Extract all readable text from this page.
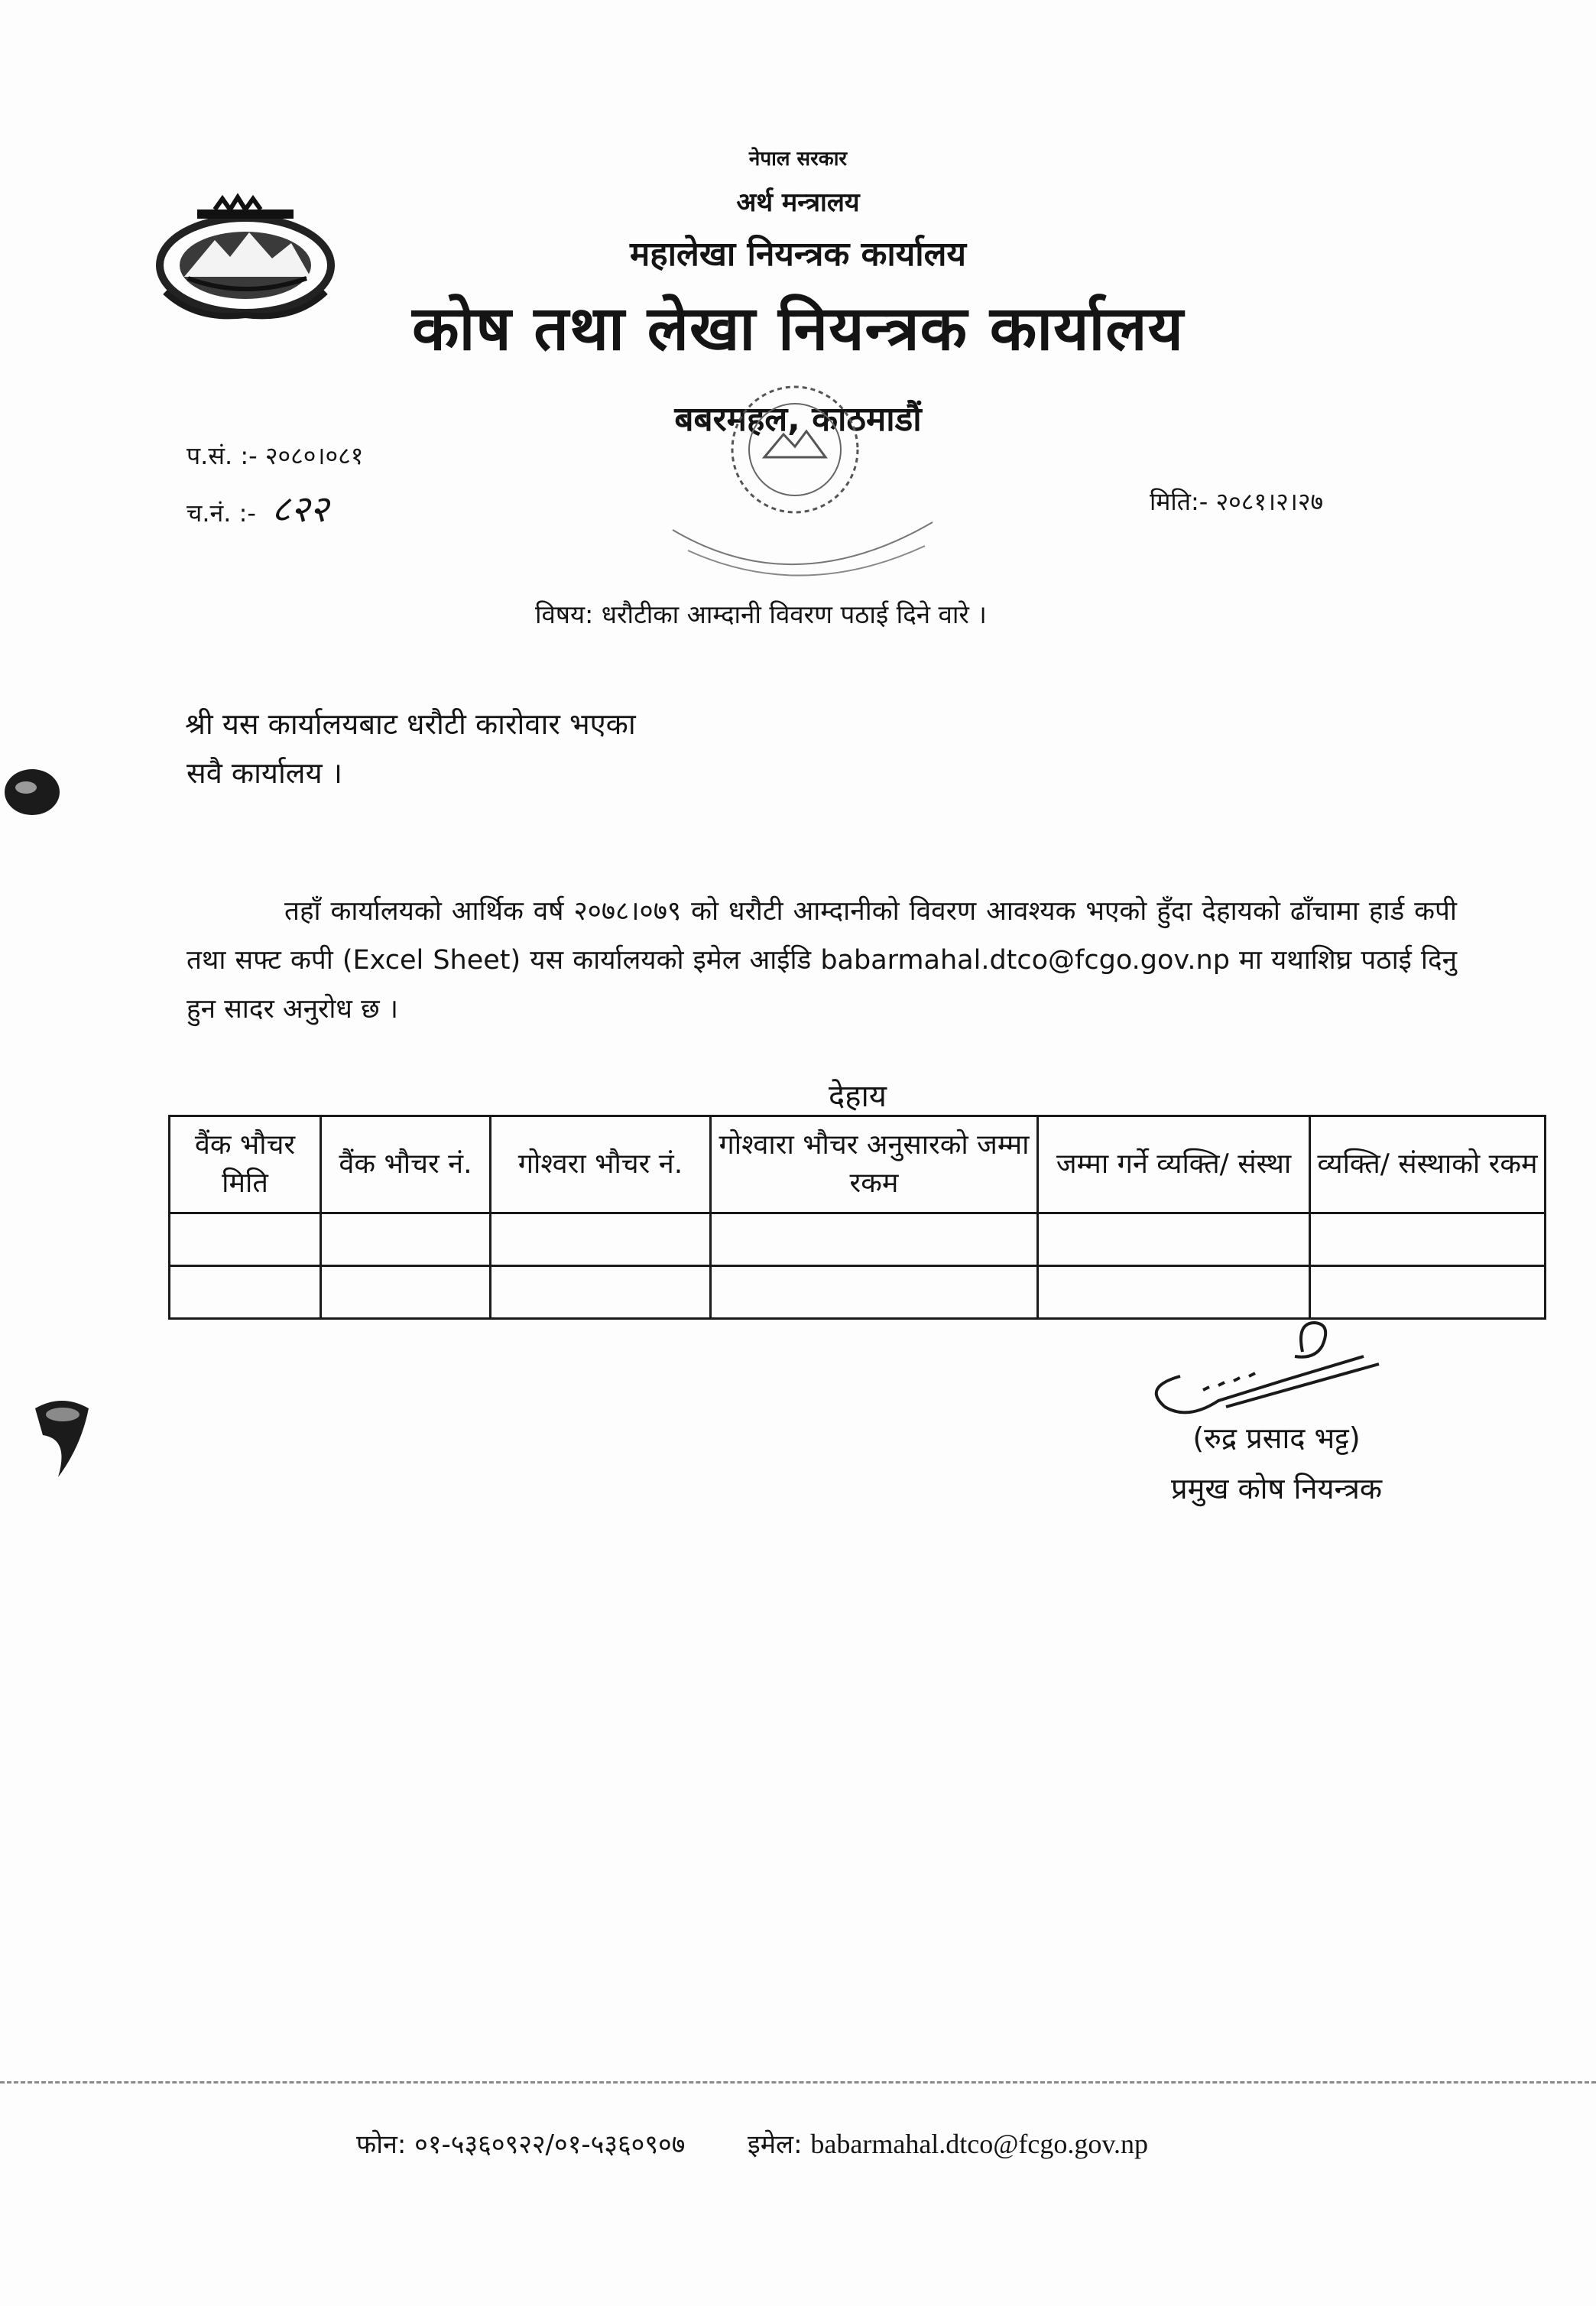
नेपाल सरकार
अर्थ मन्त्रालय
महालेखा नियन्त्रक कार्यालय
कोष तथा लेखा नियन्त्रक कार्यालय
बबरमहल, काठमाडौं
प.सं. :- २०८०।०८१
च.नं. :- ८२२	मिति:- २०८१।२।२७
विषय: धरौटीका आम्दानी विवरण पठाई दिने वारे ।
श्री यस कार्यालयबाट धरौटी कारोवार भएका
सवै कार्यालय ।
तहाँ कार्यालयको आर्थिक वर्ष २०७८।०७९ को धरौटी आम्दानीको विवरण आवश्यक भएको हुँदा देहायको ढाँचामा हार्ड कपी तथा सफ्ट कपी (Excel Sheet) यस कार्यालयको इमेल आईडि babarmahal.dtco@fcgo.gov.np मा यथाशिघ्र पठाई दिनु हुन सादर अनुरोध छ ।
देहाय
वैंक भौचर मिति	वैंक भौचर नं.	गोश्वरा भौचर नं.	गोश्वारा भौचर अनुसारको जम्मा रकम	जम्मा गर्ने व्यक्ति/ संस्था	व्यक्ति/ संस्थाको रकम

(रुद्र प्रसाद भट्ट)
प्रमुख कोष नियन्त्रक
फोन: ०१-५३६०९२२/०१-५३६०९०७ इमेल: babarmahal.dtco@fcgo.gov.np
